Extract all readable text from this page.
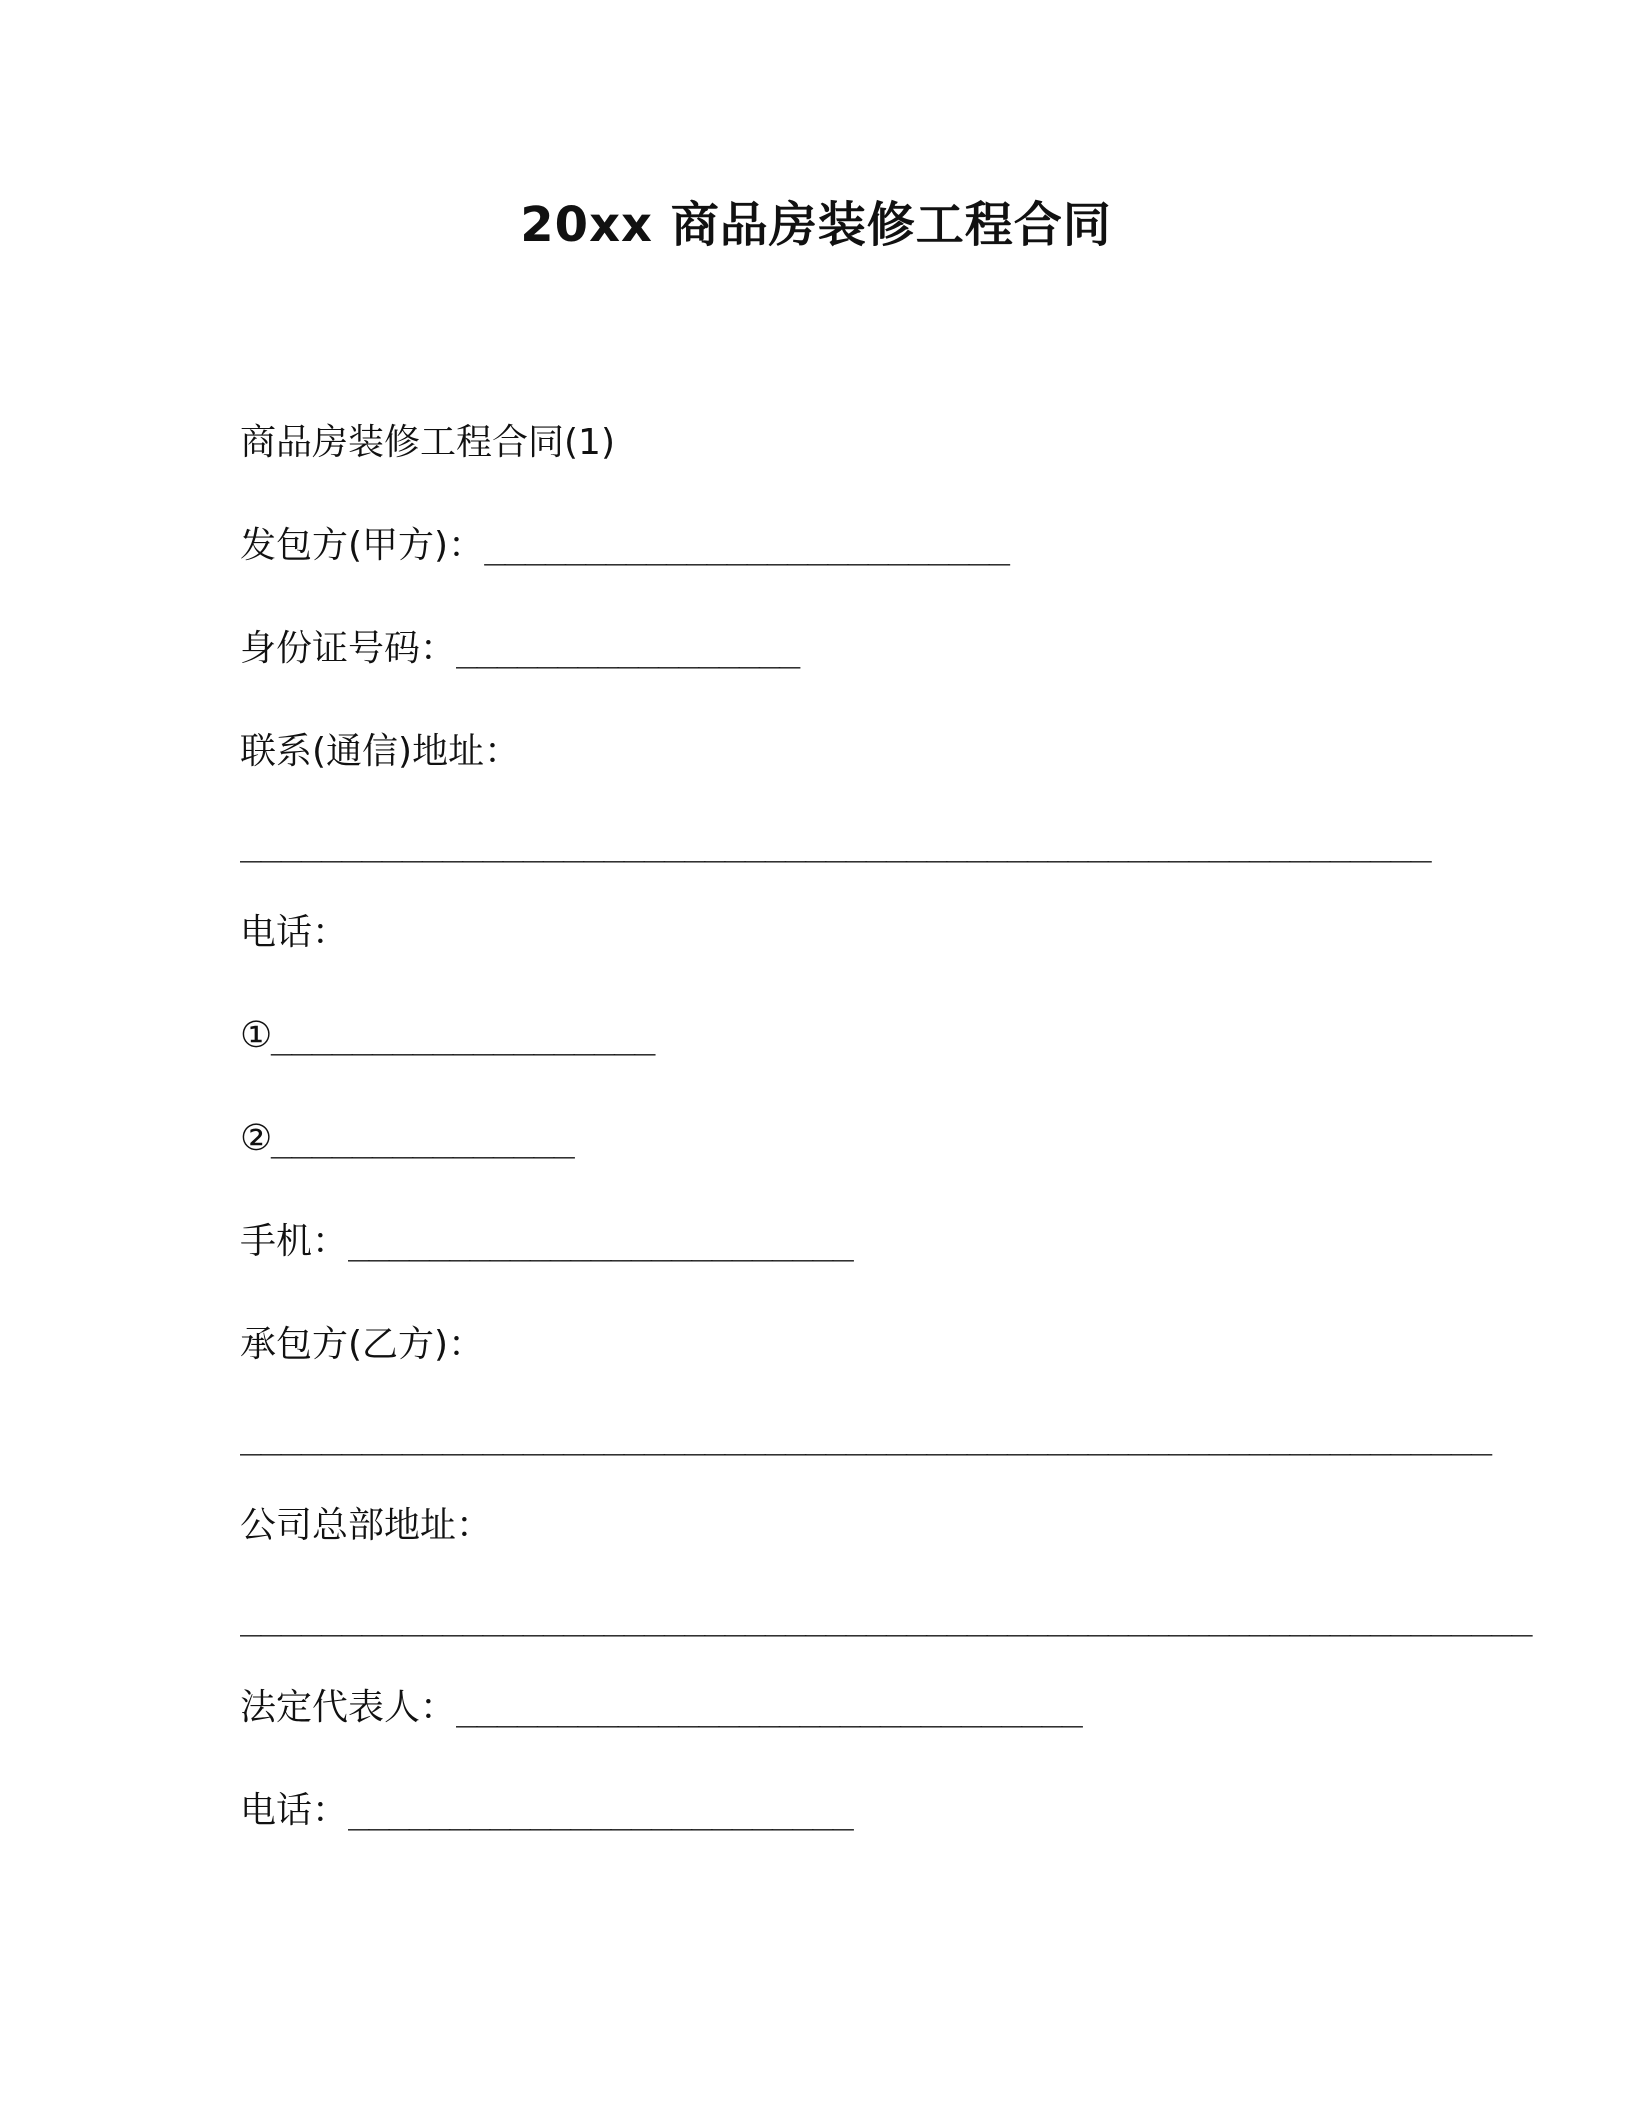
20xx 商品房装修工程合同
商品房装修工程合同(1)
发包方(甲方)：__________________________
身份证号码：_________________
联系(通信)地址：
___________________________________________________________
电话：
①___________________
②_______________
手机：_________________________
承包方(乙方)：
______________________________________________________________
公司总部地址：
________________________________________________________________
法定代表人：_______________________________
电话：_________________________
